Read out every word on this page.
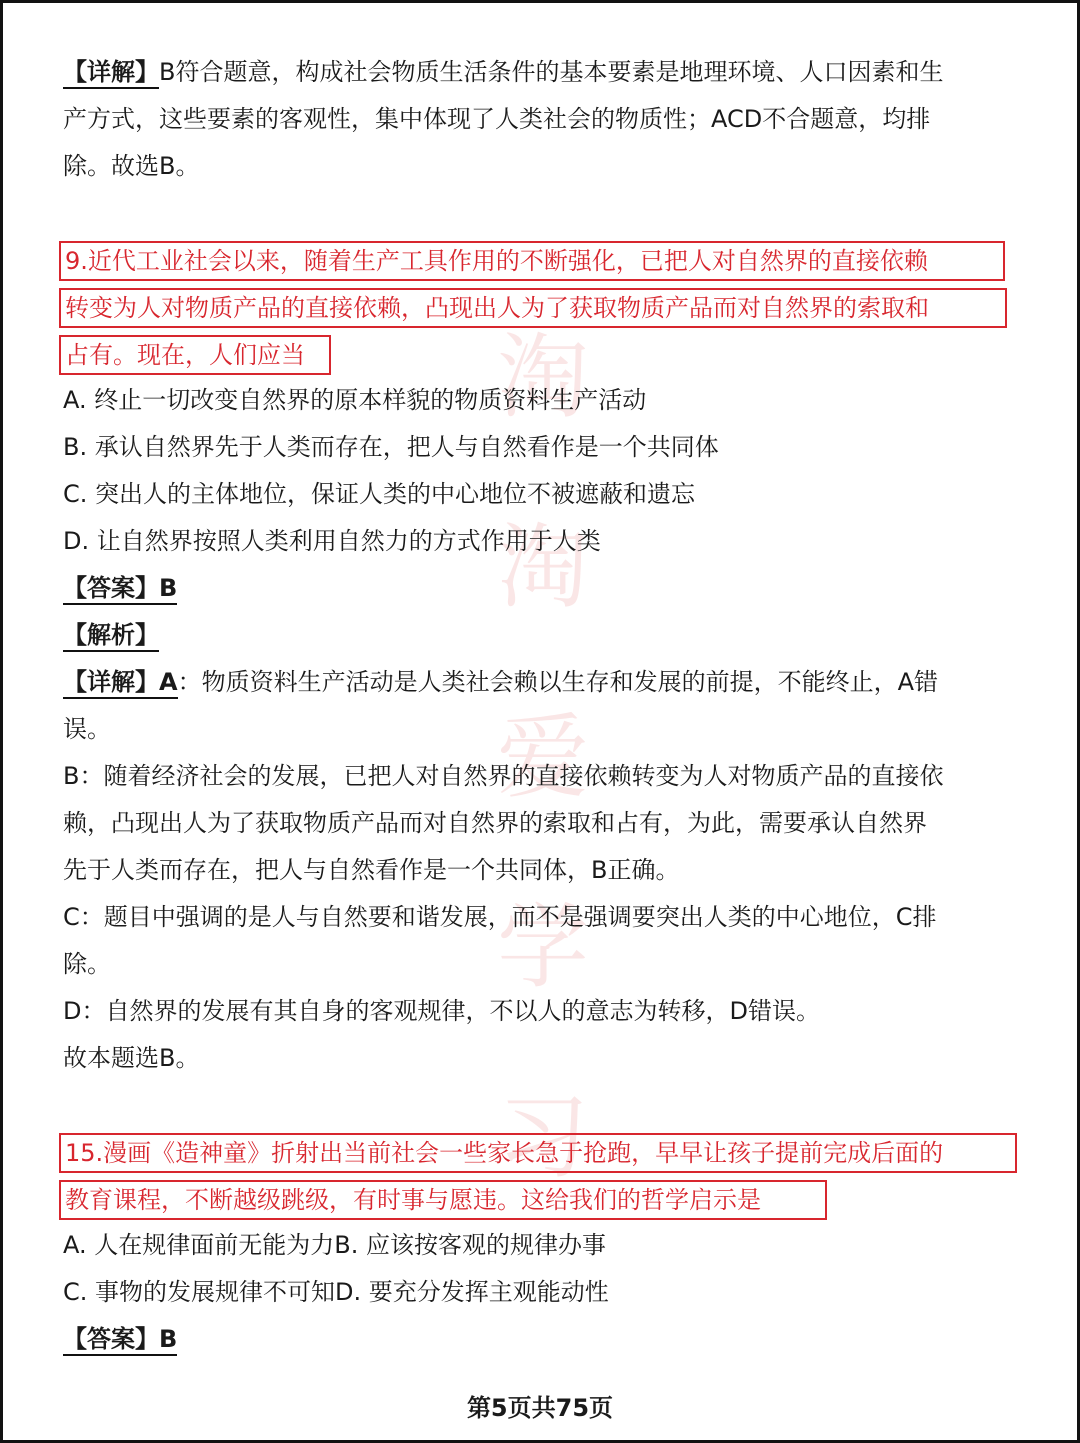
淘
淘
爱
学
习
【详解】B符合题意，构成社会物质生活条件的基本要素是地理环境、人口因素和生
产方式，这些要素的客观性，集中体现了人类社会的物质性；ACD不合题意，均排
除。故选B。
9.近代工业社会以来，随着生产工具作用的不断强化，已把人对自然界的直接依赖
转变为人对物质产品的直接依赖，凸现出人为了获取物质产品而对自然界的索取和
占有。现在，人们应当
A. 终止一切改变自然界的原本样貌的物质资料生产活动
B. 承认自然界先于人类而存在，把人与自然看作是一个共同体
C. 突出人的主体地位，保证人类的中心地位不被遮蔽和遗忘
D. 让自然界按照人类利用自然力的方式作用于人类
【答案】B
【解析】
【详解】A：物质资料生产活动是人类社会赖以生存和发展的前提，不能终止，A错
误。
B：随着经济社会的发展，已把人对自然界的直接依赖转变为人对物质产品的直接依
赖，凸现出人为了获取物质产品而对自然界的索取和占有，为此，需要承认自然界
先于人类而存在，把人与自然看作是一个共同体，B正确。
C：题目中强调的是人与自然要和谐发展，而不是强调要突出人类的中心地位，C排
除。
D：自然界的发展有其自身的客观规律，不以人的意志为转移，D错误。
故本题选B。
15.漫画《造神童》折射出当前社会一些家长急于抢跑，早早让孩子提前完成后面的
教育课程，不断越级跳级，有时事与愿违。这给我们的哲学启示是
A. 人在规律面前无能为力B. 应该按客观的规律办事
C. 事物的发展规律不可知D. 要充分发挥主观能动性
【答案】B
第5页共75页
